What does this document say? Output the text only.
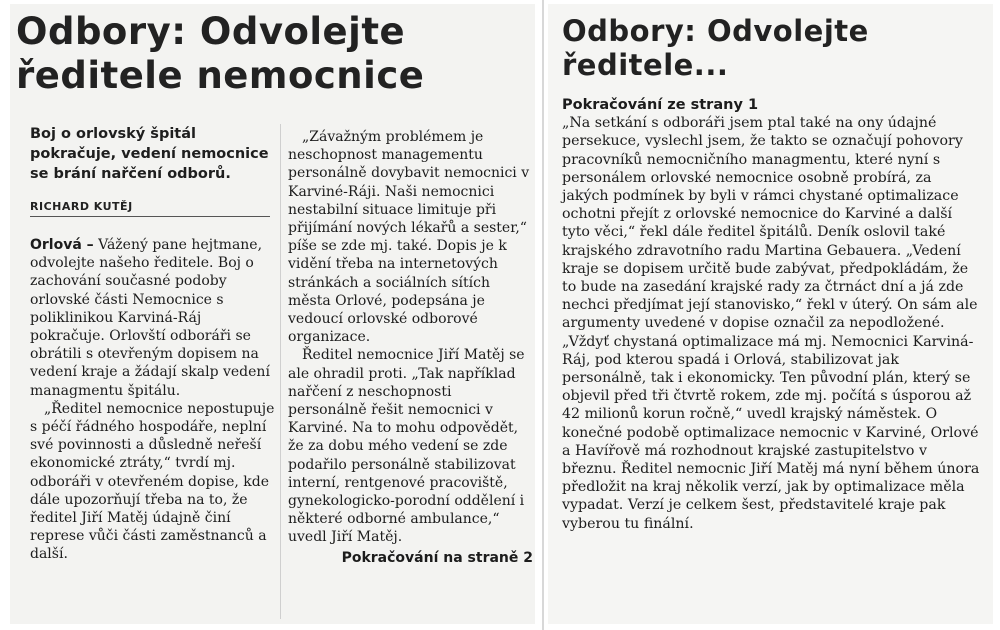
Odbory: Odvolejte ředitele nemocnice

Boj o orlovský špitál pokračuje, vedení nemocnice se brání nařčení odborů.

RICHARD KUTĚJ

Orlová – Vážený pane hejtmane, odvolejte našeho ředitele. Boj o zachování současné podoby orlovské části Nemocnice s poliklinikou Karviná-Ráj pokračuje. Orlovští odboráři se obrátili s otevřeným dopisem na vedení kraje a žádají skalp vedení managmentu špitálu.

„Ředitel nemocnice nepostupuje s péčí řádného hospodáře, neplní své povinnosti a důsledně neřeší ekonomické ztráty,“ tvrdí mj. odboráři v otevřeném dopise, kde dále upozorňují třeba na to, že ředitel Jiří Matěj údajně činí represe vůči části zaměstnanců a další.

„Závažným problémem je neschopnost managementu personálně dovybavit nemocnici v Karviné-Ráji. Naši nemocnici nestabilní situace limituje při přijímání nových lékařů a sester,“ píše se zde mj. také. Dopis je k vidění třeba na internetových stránkách a sociálních sítích města Orlové, podepsána je vedoucí orlovské odborové organizace.

Ředitel nemocnice Jiří Matěj se ale ohradil proti. „Tak například nařčení z neschopnosti personálně řešit nemocnici v Karviné. Na to mohu odpovědět, že za dobu mého vedení se zde podařilo personálně stabilizovat interní, rentgenové pracoviště, gynekologicko-porodní oddělení i některé odborné ambulance,“ uvedl Jiří Matěj.

Pokračování na straně 2
Odbory: Odvolejte ředitele...
Pokračování ze strany 1

„Na setkání s odboráři jsem ptal také na ony údajné persekuce, vyslechl jsem, že takto se označují pohovory pracovníků nemocničního managmentu, které nyní s personálem orlovské nemocnice osobně probírá, za jakých podmínek by byli v rámci chystané optimalizace ochotni přejít z orlovské nemocnice do Karviné a další tyto věci,“ řekl dále ředitel špitálů. Deník oslovil také krajského zdravotního radu Martina Gebauera. „Vedení kraje se dopisem určitě bude zabývat, předpokládám, že to bude na zasedání krajské rady za čtrnáct dní a já zde nechci předjímat její stanovisko,“ řekl v úterý. On sám ale argumenty uvedené v dopise označil za nepodložené. „Vždyť chystaná optimalizace má mj. Nemocnici Karviná-Ráj, pod kterou spadá i Orlová, stabilizovat jak personálně, tak i ekonomicky. Ten původní plán, který se objevil před tři čtvrtě rokem, zde mj. počítá s úsporou až 42 milionů korun ročně,“ uvedl krajský náměstek. O konečné podobě optimalizace nemocnic v Karviné, Orlové a Havířově má rozhodnout krajské zastupitelstvo v březnu. Ředitel nemocnic Jiří Matěj má nyní během února předložit na kraj několik verzí, jak by optimalizace měla vypadat. Verzí je celkem šest, představitelé kraje pak vyberou tu finální.
